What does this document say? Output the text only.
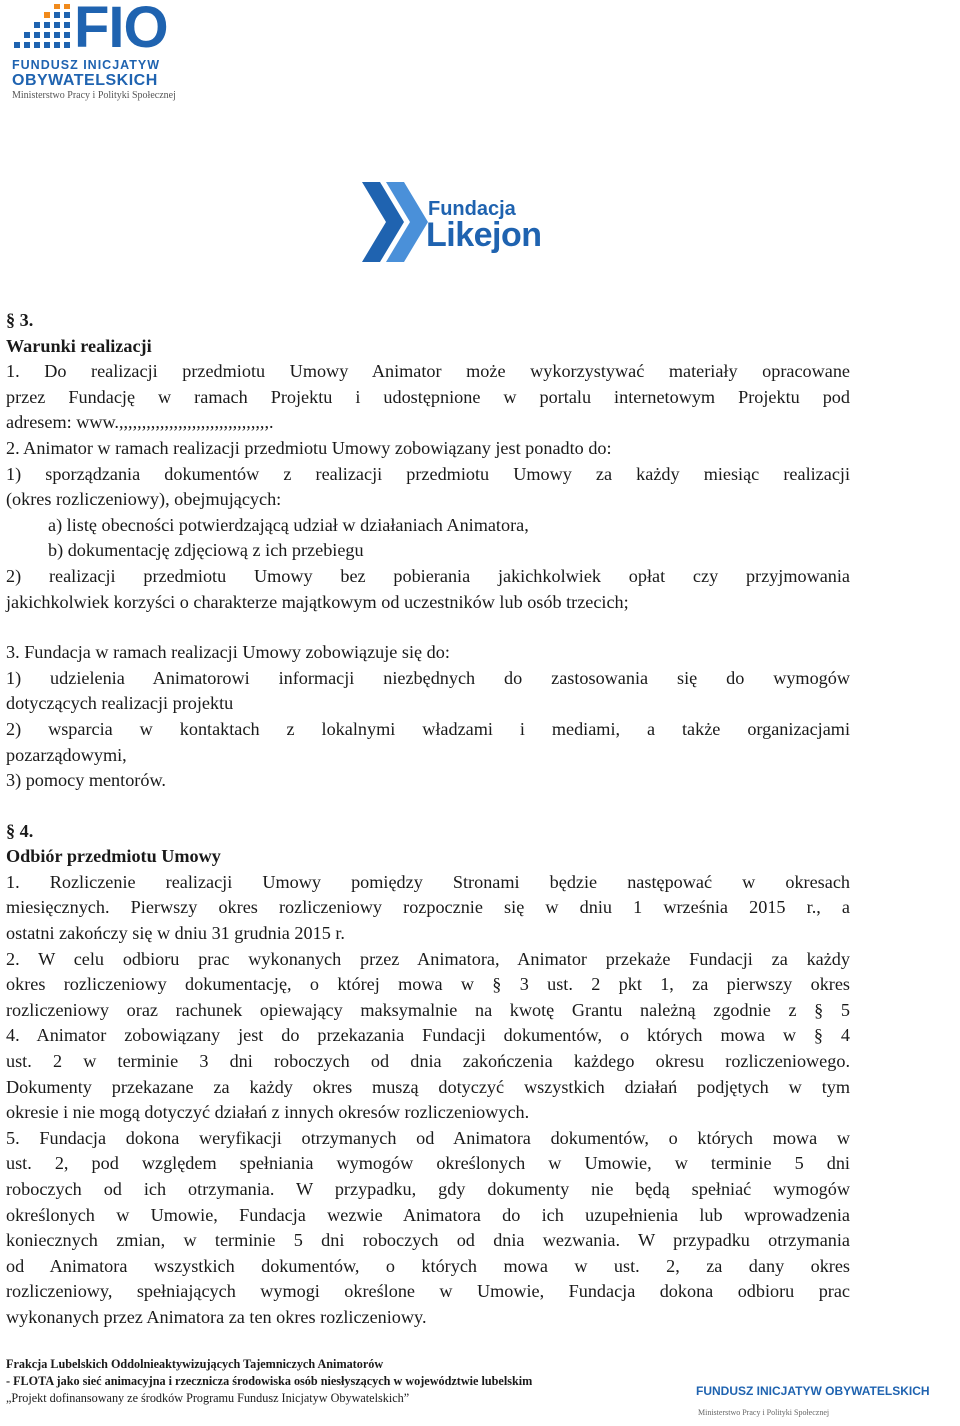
FIO
FUNDUSZ INICJATYW
OBYWATELSKICH
Ministerstwo Pracy i Polityki Społecznej
Fundacja
Likejon

§ 3.

Warunki realizacji

1. Do realizacji przedmiotu Umowy Animator może wykorzystywać materiały opracowane

przez Fundację w ramach Projektu i udostępnione w portalu internetowym Projektu pod

adresem: www.,,,,,,,,,,,,,,,,,,,,,,,,,,,,,,,,,.

2. Animator w ramach realizacji przedmiotu Umowy zobowiązany jest ponadto do:

1) sporządzania dokumentów z realizacji przedmiotu Umowy za każdy miesiąc realizacji

(okres rozliczeniowy), obejmujących:

a) listę obecności potwierdzającą udział w działaniach Animatora,

b) dokumentację zdjęciową z ich przebiegu

2) realizacji przedmiotu Umowy bez pobierania jakichkolwiek opłat czy przyjmowania

jakichkolwiek korzyści o charakterze majątkowym od uczestników lub osób trzecich;

3. Fundacja w ramach realizacji Umowy zobowiązuje się do:

1) udzielenia Animatorowi informacji niezbędnych do zastosowania się do wymogów

dotyczących realizacji projektu

2) wsparcia w kontaktach z lokalnymi władzami i mediami, a także organizacjami

pozarządowymi,

3) pomocy mentorów.

§ 4.

Odbiór przedmiotu Umowy

1. Rozliczenie realizacji Umowy pomiędzy Stronami będzie następować w okresach

miesięcznych. Pierwszy okres rozliczeniowy rozpocznie się w dniu 1 września 2015 r., a

ostatni zakończy się w dniu 31 grudnia 2015 r.

2. W celu odbioru prac wykonanych przez Animatora, Animator przekaże Fundacji za każdy

okres rozliczeniowy dokumentację, o której mowa w § 3 ust. 2 pkt 1, za pierwszy okres

rozliczeniowy oraz rachunek opiewający maksymalnie na kwotę Grantu należną zgodnie z § 5

4. Animator zobowiązany jest do przekazania Fundacji dokumentów, o których mowa w § 4

ust. 2 w terminie 3 dni roboczych od dnia zakończenia każdego okresu rozliczeniowego.

Dokumenty przekazane za każdy okres muszą dotyczyć wszystkich działań podjętych w tym

okresie i nie mogą dotyczyć działań z innych okresów rozliczeniowych.

5. Fundacja dokona weryfikacji otrzymanych od Animatora dokumentów, o których mowa w

ust. 2, pod względem spełniania wymogów określonych w Umowie, w terminie 5 dni

roboczych od ich otrzymania. W przypadku, gdy dokumenty nie będą spełniać wymogów

określonych w Umowie, Fundacja wezwie Animatora do ich uzupełnienia lub wprowadzenia

koniecznych zmian, w terminie 5 dni roboczych od dnia wezwania. W przypadku otrzymania

od Animatora wszystkich dokumentów, o których mowa w ust. 2, za dany okres

rozliczeniowy, spełniających wymogi określone w Umowie, Fundacja dokona odbioru prac

wykonanych przez Animatora za ten okres rozliczeniowy.

Frakcja Lubelskich Oddolnieaktywizujących Tajemniczych Animatorów
- FLOTA jako sieć animacyjna i rzecznicza środowiska osób niesłyszących w województwie lubelskim
„Projekt dofinansowany ze środków Programu Fundusz Inicjatyw Obywatelskich”	FUNDUSZ INICJATYW OBYWATELSKICH
Ministerstwo Pracy i Polityki Społecznej
